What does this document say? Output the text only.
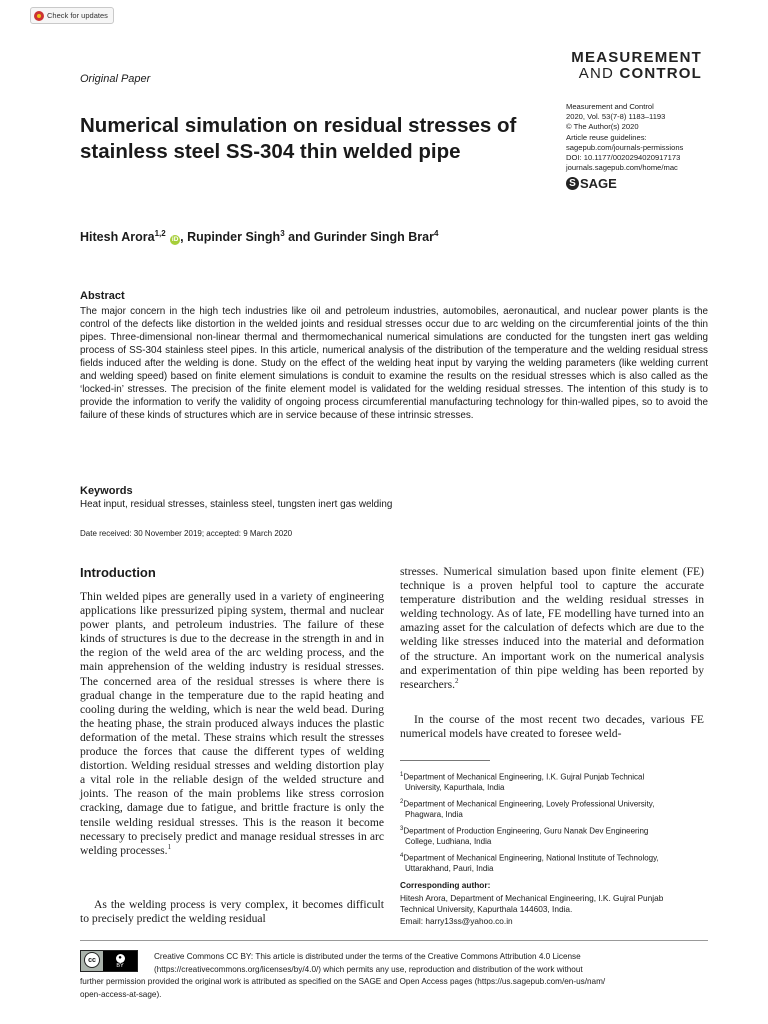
Check for updates
Original Paper
MEASUREMENT
AND CONTROL
Numerical simulation on residual stresses of stainless steel SS-304 thin welded pipe
Measurement and Control
2020, Vol. 53(7-8) 1183–1193
© The Author(s) 2020
Article reuse guidelines:
sagepub.com/journals-permissions
DOI: 10.1177/0020294020917173
journals.sagepub.com/home/mac
S SAGE
Hitesh Arora$^{1,2}$ iD , Rupinder Singh$^3$ and Gurinder Singh Brar$^4$
Abstract

The major concern in the high tech industries like oil and petroleum industries, automobiles, aeronautical, and nuclear power plants is the control of the defects like distortion in the welded joints and residual stresses occur due to arc welding on the circumferential joints of the thin pipes. Three-dimensional non-linear thermal and thermomechanical numerical simulations are conducted for the tungsten inert gas welding process of SS-304 stainless steel pipes. In this article, numerical analysis of the distribution of the temperature and the welding residual stress fields induced after the welding is done. Study on the effect of the welding heat input by varying the welding parameters (like welding current and welding speed) based on finite element simulations is conduit to examine the results on the residual stresses which is also called as the ‘locked-in’ stresses. The precision of the finite element model is validated for the welding residual stresses. The intention of this study is to provide the information to verify the validity of ongoing process circumferential manufacturing technology for thin-walled pipes, so to avoid the failure of these kinds of structures which are in service because of these intrinsic stresses.

Keywords
Heat input, residual stresses, stainless steel, tungsten inert gas welding
Date received: 30 November 2019; accepted: 9 March 2020
Introduction

Thin welded pipes are generally used in a variety of engineering applications like pressurized piping system, thermal and nuclear power plants, and petroleum industries. The failure of these kinds of structures is due to the decrease in the strength in and in the region of the weld area of the arc welding process, and the main apprehension of the welding industry is residual stresses. The concerned area of the residual stresses is where there is gradual change in the temperature due to the rapid heating and cooling during the welding, which is near the weld bead. During the heating phase, the strain produced always induces the plastic deformation of the metal. These strains which result the stresses produce the forces that cause the different types of welding distortion. Welding residual stresses and welding distortion play a vital role in the reliable design of the welded structure and joints. The reason of the main problems like stress corrosion cracking, damage due to fatigue, and brittle fracture is only the tensile welding residual stresses. This is the reason it become necessary to precisely predict and manage residual stresses in arc welding processes.$^1$

As the welding process is very complex, it becomes difficult to precisely predict the welding residual

stresses. Numerical simulation based upon finite element (FE) technique is a proven helpful tool to capture the accurate temperature distribution and the welding residual stresses in welding technology. As of late, FE modelling have turned into an amazing asset for the calculation of defects which are due to the welding like stresses induced into the material and deformation of the structure. An important work on the numerical analysis and experimentation of thin pipe welding has been reported by researchers.$^2$

In the course of the most recent two decades, various FE numerical models have created to foresee weld-

$^1$Department of Mechanical Engineering, I.K. Gujral Punjab Technical
University, Kapurthala, India
$^2$Department of Mechanical Engineering, Lovely Professional University,
Phagwara, India
$^3$Department of Production Engineering, Guru Nanak Dev Engineering
College, Ludhiana, India
$^4$Department of Mechanical Engineering, National Institute of Technology,
Uttarakhand, Pauri, India
Corresponding author:
Hitesh Arora, Department of Mechanical Engineering, I.K. Gujral Punjab
Technical University, Kapurthala 144603, India.
Email: harry13ss@yahoo.co.in
cc	●
BY
Creative Commons CC BY: This article is distributed under the terms of the Creative Commons Attribution 4.0 License
(https://creativecommons.org/licenses/by/4.0/) which permits any use, reproduction and distribution of the work without
further permission provided the original work is attributed as specified on the SAGE and Open Access pages (https://us.sagepub.com/en-us/nam/
open-access-at-sage).
